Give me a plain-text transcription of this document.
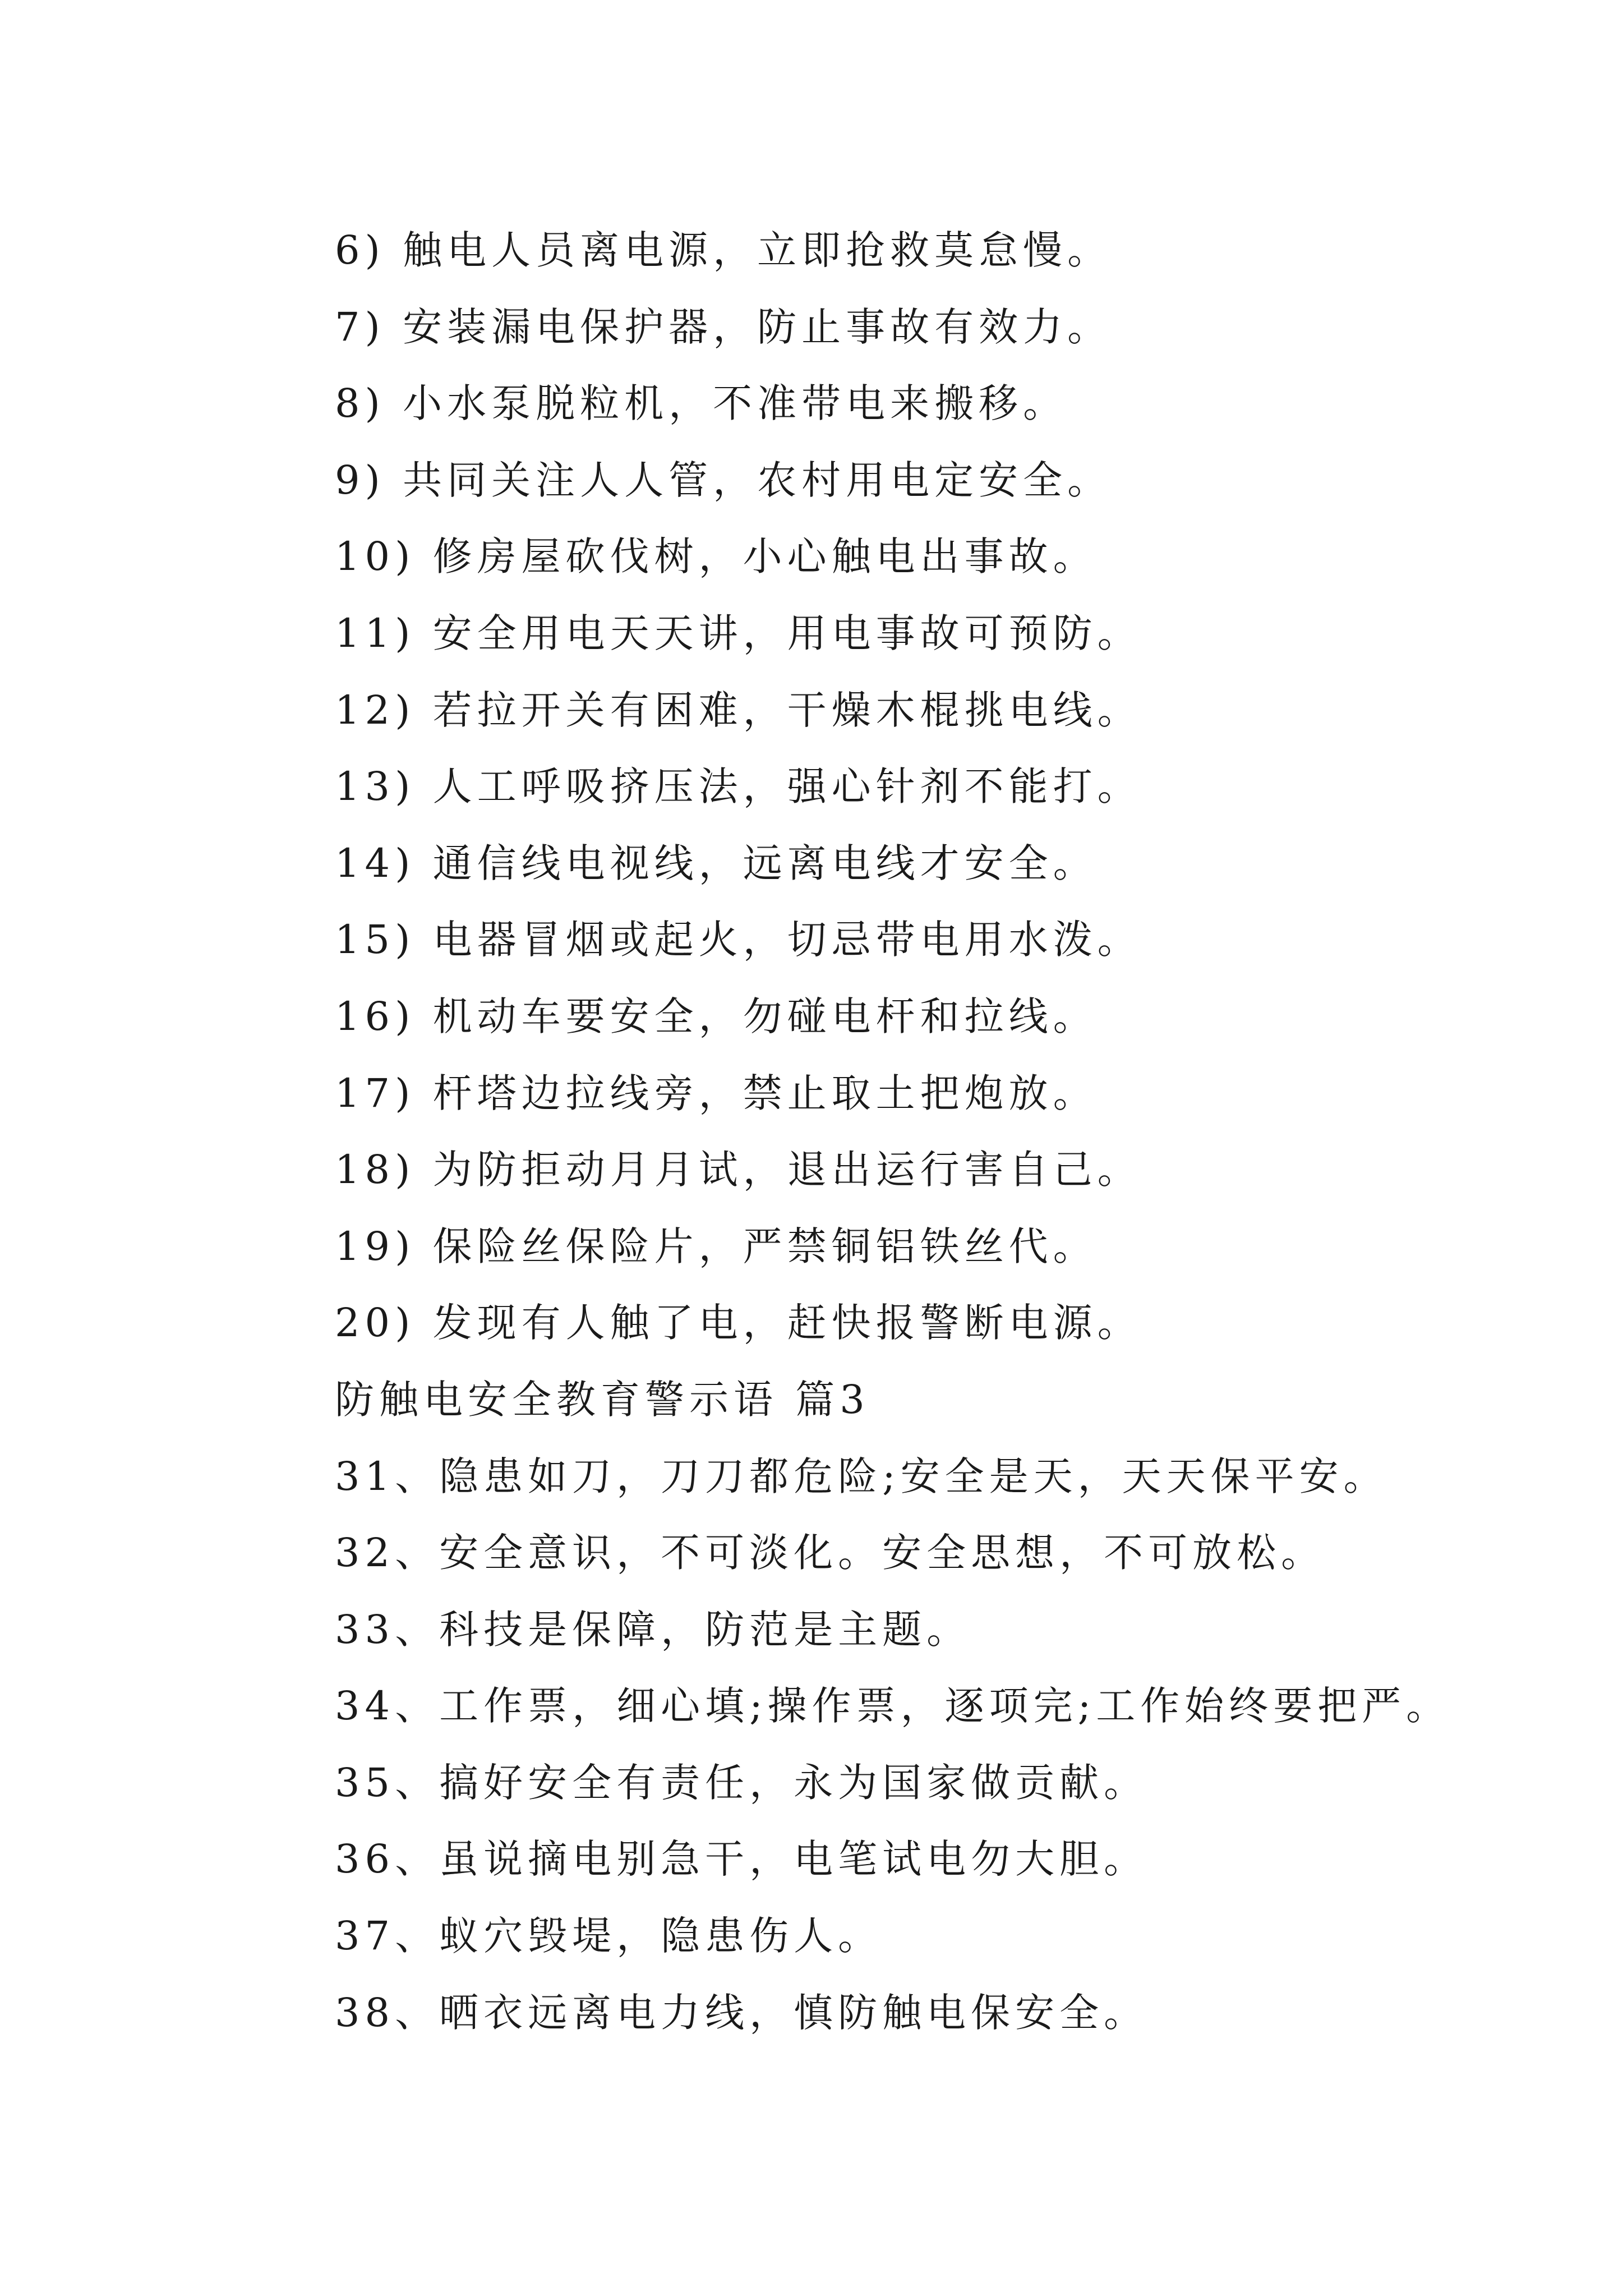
6) 触电人员离电源，立即抢救莫怠慢。
7) 安装漏电保护器，防止事故有效力。
8) 小水泵脱粒机，不准带电来搬移。
9) 共同关注人人管，农村用电定安全。
10) 修房屋砍伐树，小心触电出事故。
11) 安全用电天天讲，用电事故可预防。
12) 若拉开关有困难，干燥木棍挑电线。
13) 人工呼吸挤压法，强心针剂不能打。
14) 通信线电视线，远离电线才安全。
15) 电器冒烟或起火，切忌带电用水泼。
16) 机动车要安全，勿碰电杆和拉线。
17) 杆塔边拉线旁，禁止取土把炮放。
18) 为防拒动月月试，退出运行害自己。
19) 保险丝保险片，严禁铜铝铁丝代。
20) 发现有人触了电，赶快报警断电源。
防触电安全教育警示语 篇3
31、隐患如刀，刀刀都危险;安全是天，天天保平安。
32、安全意识，不可淡化。安全思想，不可放松。
33、科技是保障，防范是主题。
34、工作票，细心填;操作票，逐项完;工作始终要把严。
35、搞好安全有责任，永为国家做贡献。
36、虽说摘电别急干，电笔试电勿大胆。
37、蚁穴毁堤，隐患伤人。
38、晒衣远离电力线，慎防触电保安全。
